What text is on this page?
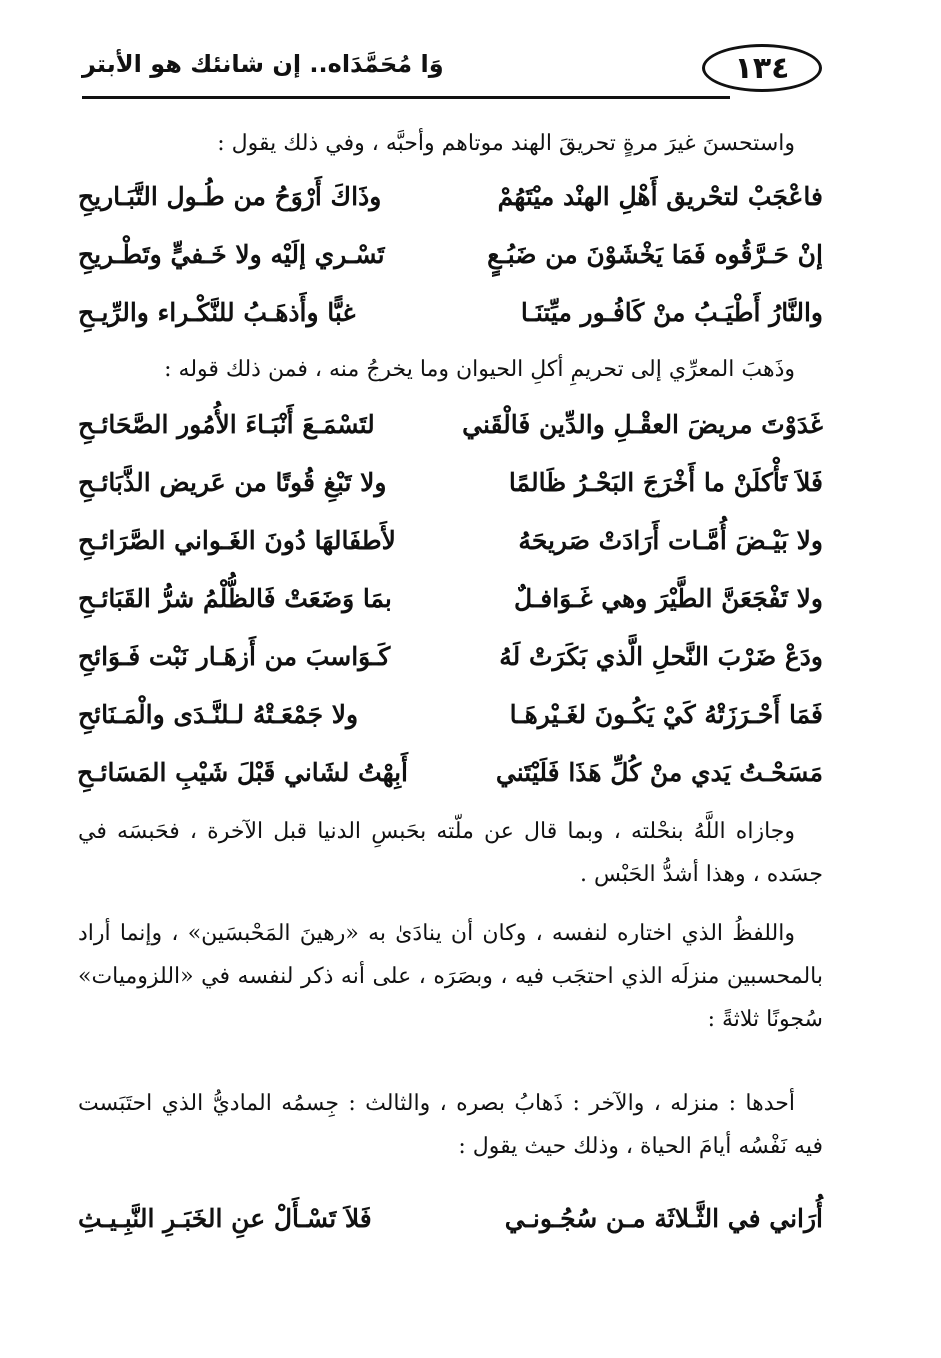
١٣٤
وَا مُحَمَّدَاه.. إن شانئك هو الأبتر
واستحسنَ غيرَ مرةٍ تحريقَ الهند موتاهم وأحبَّه ، وفي ذلك يقول :
فاعْجَبْ لتحْريق أَهْلِ الهنْد ميْتَهُمْ
وذَاكَ أَرْوَحُ من طُـول التَّبَـاريحِ
إنْ حَـرَّقُوه فَمَا يَخْشَوْنَ من ضَبُـعٍ
تَسْـري إلَيْه ولا خَـفيٍّ وتَطْـريحِ
والنَّارُ أَطْيَـبُ منْ كَافُـور ميِّتنَـا
غبًّا وأَذهَـبُ للنَّكْـراء والرِّيـحِ
وذَهبَ المعرِّي إلى تحريمِ أكلِ الحيوان وما يخرجُ منه ، فمن ذلك قوله :
غَدَوْتَ مريضَ العقْـلِ والدِّين فَالْقَني
لتَسْمَـعَ أَنْبَـاءَ الأُمُور الصَّحَائـحِ
فَلاَ تَأْكلَنْ ما أَخْرَجَ البَحْـرُ ظَالمًا
ولا تَبْغِ قُوتًا من عَريض الذَّبَائـحِ
ولا بَيْـضَ أُمَّـات أَرَادَتْ صَريحَهُ
لأَطفَالهَا دُونَ الغَـواني الصَّرَائـحِ
ولا تَفْجَعَنَّ الطَّيْرَ وهي غَـوَافـلٌ
بمَا وَضَعَتْ فَالظُّلْمُ شرُّ القَبَائـحِ
ودَعْ ضَرْبَ النَّحلِ الَّذي بَكَرَتْ لَهُ
كَـوَاسبَ من أَزهَـار نَبْت فَـوَائحِ
فَمَا أَحْـرَزَتْهُ كَيْ يَكُـونَ لغَـيْرهَـا
ولا جَمْعَـتْهُ لـلنَّـدَى والْمَـنَائحِ
مَسَحْـتُ يَدي منْ كُلِّ هَذَا فَلَيْتَني
أَبِهْتُ لشَاني قَبْلَ شَيْبِ المَسَائـحِ
وجازاه اللَّهُ بنحْلته ، وبما قال عن ملّته بحَبسِ الدنيا قبل الآخرة ، فحَبسَه في جسَده ، وهذا أشدُّ الحَبْس .
واللفظُ الذي اختاره لنفسه ، وكان أن ينادَىٰ به «رهينَ المَحْبسَين» ، وإنما أراد بالمحسبين منزلَه الذي احتجَب فيه ، وبصَرَه ، على أنه ذكر لنفسه في «اللزوميات» سُجونًا ثلاثةً :
أحدها : منزله ، والآخر : ذَهابُ بصره ، والثالث : جِسمُه الماديُّ الذي احتَبَست فيه نَفْسُه أيامَ الحياة ، وذلك حيث يقول :
أُرَاني في الثَّـلاثَة مـن سُجُـونـي
فَلاَ تَسْـأَلْ عنِ الخَبَـرِ النَّبِـيـثِ
